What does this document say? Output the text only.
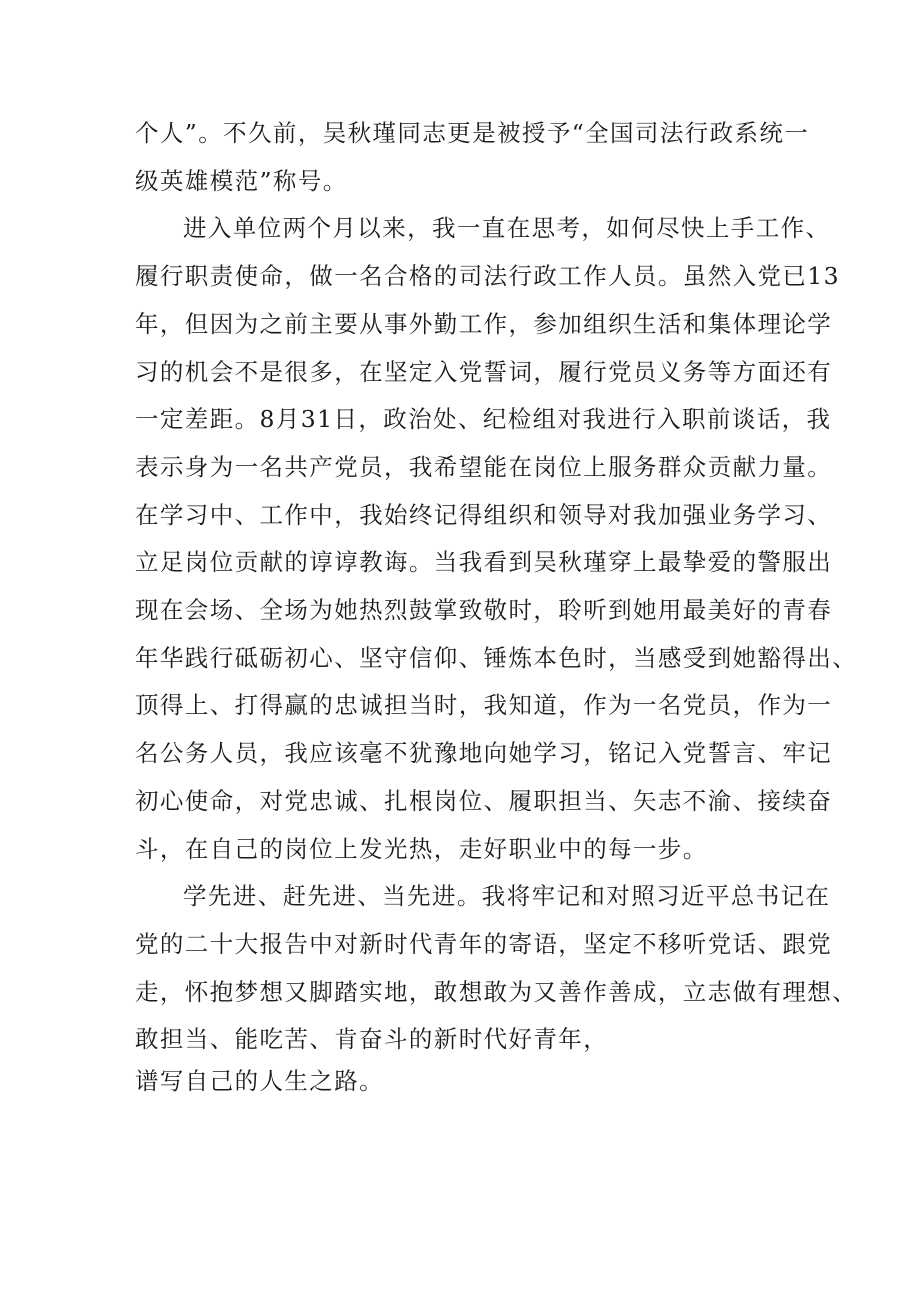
个人”。不久前，吴秋瑾同志更是被授予“全国司法行政系统一
级英雄模范”称号。
进入单位两个月以来，我一直在思考，如何尽快上手工作、
履行职责使命，做一名合格的司法行政工作人员。虽然入党已13
年，但因为之前主要从事外勤工作，参加组织生活和集体理论学
习的机会不是很多，在坚定入党誓词，履行党员义务等方面还有
一定差距。8月31日，政治处、纪检组对我进行入职前谈话，我
表示身为一名共产党员，我希望能在岗位上服务群众贡献力量。
在学习中、工作中，我始终记得组织和领导对我加强业务学习、
立足岗位贡献的谆谆教诲。当我看到吴秋瑾穿上最挚爱的警服出
现在会场、全场为她热烈鼓掌致敬时，聆听到她用最美好的青春
年华践行砥砺初心、坚守信仰、锤炼本色时，当感受到她豁得出、
顶得上、打得赢的忠诚担当时，我知道，作为一名党员，作为一
名公务人员，我应该毫不犹豫地向她学习，铭记入党誓言、牢记
初心使命，对党忠诚、扎根岗位、履职担当、矢志不渝、接续奋
斗，在自己的岗位上发光热，走好职业中的每一步。
学先进、赶先进、当先进。我将牢记和对照习近平总书记在
党的二十大报告中对新时代青年的寄语，坚定不移听党话、跟党
走，怀抱梦想又脚踏实地，敢想敢为又善作善成，立志做有理想、
敢担当、能吃苦、肯奋斗的新时代好青年，
谱写自己的人生之路。
